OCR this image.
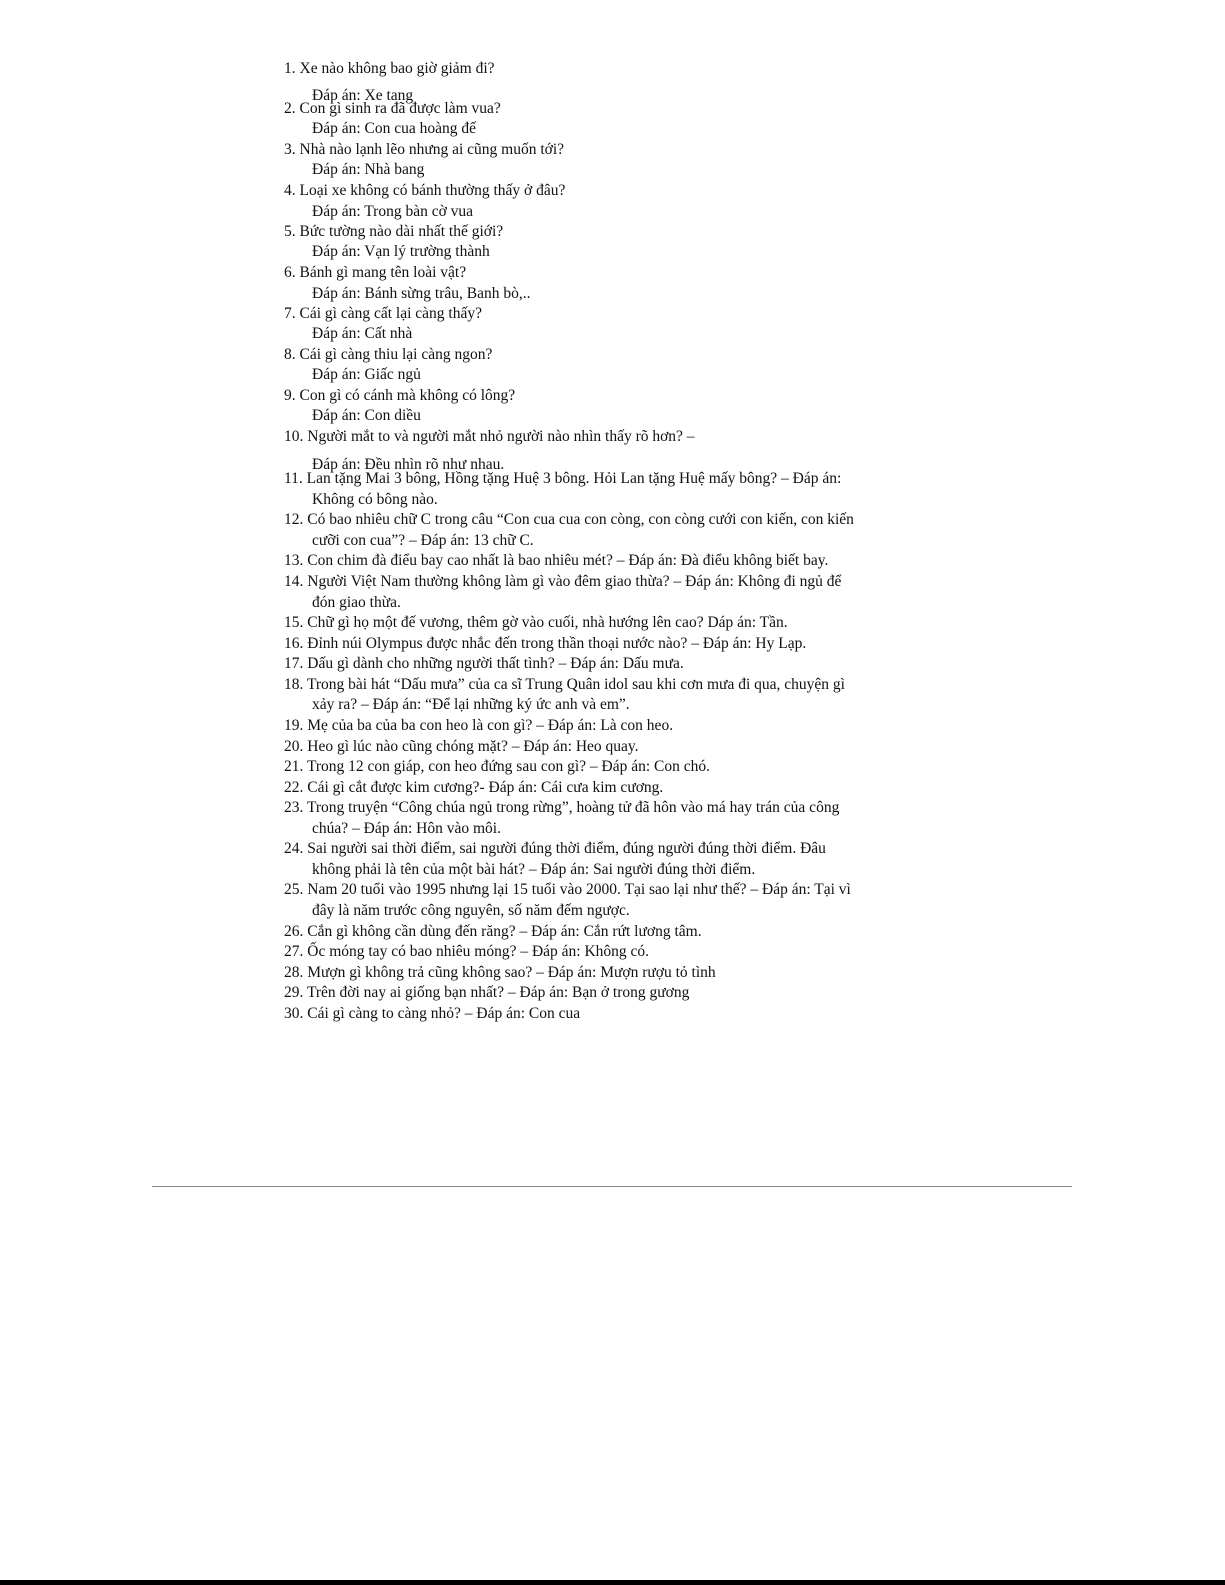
1. Xe nào không bao giờ giảm đi?
Đáp án: Xe tang
2. Con gì sinh ra đã được làm vua?
Đáp án: Con cua hoàng đế
3. Nhà nào lạnh lẽo nhưng ai cũng muốn tới?
Đáp án: Nhà bang
4. Loại xe không có bánh thường thấy ở đâu?
Đáp án: Trong bàn cờ vua
5. Bức tường nào dài nhất thế giới?
Đáp án: Vạn lý trường thành
6. Bánh gì mang tên loài vật?
Đáp án: Bánh sừng trâu, Banh bò,..
7. Cái gì càng cất lại càng thấy?
Đáp án: Cất nhà
8. Cái gì càng thiu lại càng ngon?
Đáp án: Giấc ngủ
9. Con gì có cánh mà không có lông?
Đáp án: Con diều
10. Người mắt to và người mắt nhỏ người nào nhìn thấy rõ hơn? –
Đáp án: Đều nhìn rõ như nhau.
11. Lan tặng Mai 3 bông, Hồng tặng Huệ 3 bông. Hỏi Lan tặng Huệ mấy bông? – Đáp án:
Không có bông nào.
12. Có bao nhiêu chữ C trong câu “Con cua cua con còng, con còng cưới con kiến, con kiến
cưỡi con cua”? – Đáp án: 13 chữ C.
13. Con chim đà điểu bay cao nhất là bao nhiêu mét? – Đáp án: Đà điểu không biết bay.
14. Người Việt Nam thường không làm gì vào đêm giao thừa? – Đáp án: Không đi ngủ để
đón giao thừa.
15. Chữ gì họ một đế vương, thêm gờ vào cuối, nhà hướng lên cao? Dáp án: Tần.
16. Đỉnh núi Olympus được nhắc đến trong thần thoại nước nào? – Đáp án: Hy Lạp.
17. Dấu gì dành cho những người thất tình? – Đáp án: Dấu mưa.
18. Trong bài hát “Dấu mưa” của ca sĩ Trung Quân idol sau khi cơn mưa đi qua, chuyện gì
xảy ra? – Đáp án: “Để lại những ký ức anh và em”.
19. Mẹ của ba của ba con heo là con gì? – Đáp án: Là con heo.
20. Heo gì lúc nào cũng chóng mặt? – Đáp án: Heo quay.
21. Trong 12 con giáp, con heo đứng sau con gì? – Đáp án: Con chó.
22. Cái gì cắt được kim cương?- Đáp án: Cái cưa kim cương.
23. Trong truyện “Công chúa ngủ trong rừng”, hoàng tử đã hôn vào má hay trán của công
chúa? – Đáp án: Hôn vào môi.
24. Sai người sai thời điểm, sai người đúng thời điểm, đúng người đúng thời điểm. Đâu
không phải là tên của một bài hát? – Đáp án: Sai người đúng thời điểm.
25. Nam 20 tuổi vào 1995 nhưng lại 15 tuổi vào 2000. Tại sao lại như thế? – Đáp án: Tại vì
đây là năm trước công nguyên, số năm đếm ngược.
26. Cắn gì không cần dùng đến răng? – Đáp án: Cắn rứt lương tâm.
27. Ốc móng tay có bao nhiêu móng? – Đáp án: Không có.
28. Mượn gì không trả cũng không sao? – Đáp án: Mượn rượu tỏ tình
29. Trên đời nay ai giống bạn nhất? – Đáp án: Bạn ở trong gương
30. Cái gì càng to càng nhỏ? – Đáp án: Con cua
